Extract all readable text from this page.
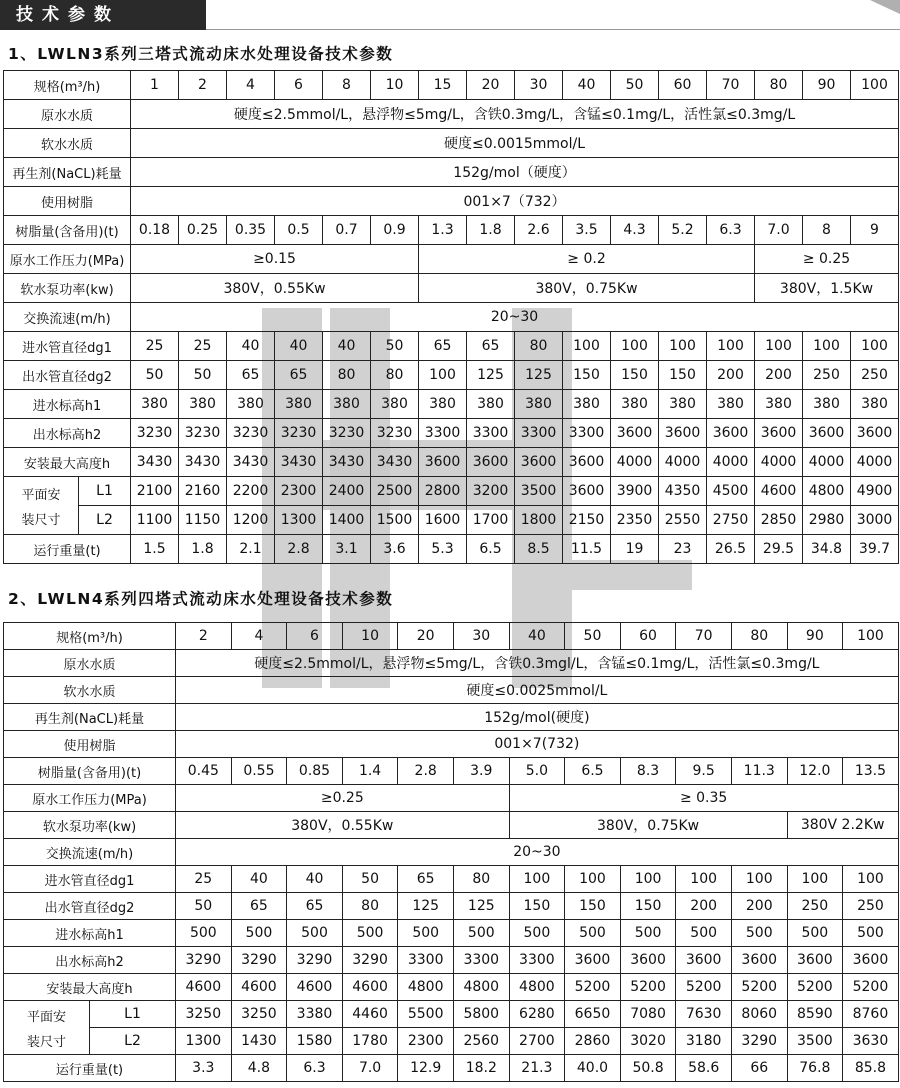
技术参数
1、LWLN3系列三塔式流动床水处理设备技术参数
规格(m³/h)		1	2	4	6	8	10	15	20	30	40	50	60	70	80	90	100
原水水质		硬度≤2.5mmol/L，悬浮物≤5mg/L，含铁0.3mg/L，含锰≤0.1mg/L，活性氯≤0.3mg/L															
软水水质		硬度≤0.0015mmol/L															
再生剂(NaCL)耗量		152g/mol（硬度）															
使用树脂		001×7（732）															
树脂量(含备用)(t)		0.18	0.25	0.35	0.5	0.7	0.9	1.3	1.8	2.6	3.5	4.3	5.2	6.3	7.0	8	9
原水工作压力(MPa)		≥0.15						≥ 0.2							≥ 0.25		
软水泵功率(kw)		380V，0.55Kw						380V，0.75Kw							380V，1.5Kw		
交换流速(m/h)		20~30															
进水管直径dg1		25	25	40	40	40	50	65	65	80	100	100	100	100	100	100	100
出水管直径dg2		50	50	65	65	80	80	100	125	125	150	150	150	200	200	250	250
进水标高h1		380	380	380	380	380	380	380	380	380	380	380	380	380	380	380	380
出水标高h2		3230	3230	3230	3230	3230	3230	3300	3300	3300	3300	3600	3600	3600	3600	3600	3600
安装最大高度h		3430	3430	3430	3430	3430	3430	3600	3600	3600	3600	4000	4000	4000	4000	4000	4000

平面安
装尺寸	L1	2100	2160	2200	2300	2400	2500	2800	3200	3500	3600	3900	4350	4500	4600	4800	4900
	L2	1100	1150	1200	1300	1400	1500	1600	1700	1800	2150	2350	2550	2750	2850	2980	3000
运行重量(t)		1.5	1.8	2.1	2.8	3.1	3.6	5.3	6.5	8.5	11.5	19	23	26.5	29.5	34.8	39.7
2、LWLN4系列四塔式流动床水处理设备技术参数
规格(m³/h)		2	4	6	10	20	30	40	50	60	70	80	90	100
原水水质		硬度≤2.5mmol/L，悬浮物≤5mg/L，含铁0.3mgl/L，含锰≤0.1mg/L，活性氯≤0.3mg/L												
软水水质		硬度≤0.0025mmol/L												
再生剂(NaCL)耗量		152g/mol(硬度)												
使用树脂		001×7(732)												
树脂量(含备用)(t)		0.45	0.55	0.85	1.4	2.8	3.9	5.0	6.5	8.3	9.5	11.3	12.0	13.5
原水工作压力(MPa)		≥0.25						≥ 0.35						
软水泵功率(kw)		380V，0.55Kw						380V，0.75Kw					380V 2.2Kw	
交换流速(m/h)		20~30												
进水管直径dg1		25	40	40	50	65	80	100	100	100	100	100	100	100
出水管直径dg2		50	65	65	80	125	125	150	150	150	200	200	250	250
进水标高h1		500	500	500	500	500	500	500	500	500	500	500	500	500
出水标高h2		3290	3290	3290	3290	3300	3300	3300	3600	3600	3600	3600	3600	3600
安装最大高度h		4600	4600	4600	4600	4800	4800	4800	5200	5200	5200	5200	5200	5200

平面安
装尺寸	L1	3250	3250	3380	4460	5500	5800	6280	6650	7080	7630	8060	8590	8760
	L2	1300	1430	1580	1780	2300	2560	2700	2860	3020	3180	3290	3500	3630
运行重量(t)		3.3	4.8	6.3	7.0	12.9	18.2	21.3	40.0	50.8	58.6	66	76.8	85.8
